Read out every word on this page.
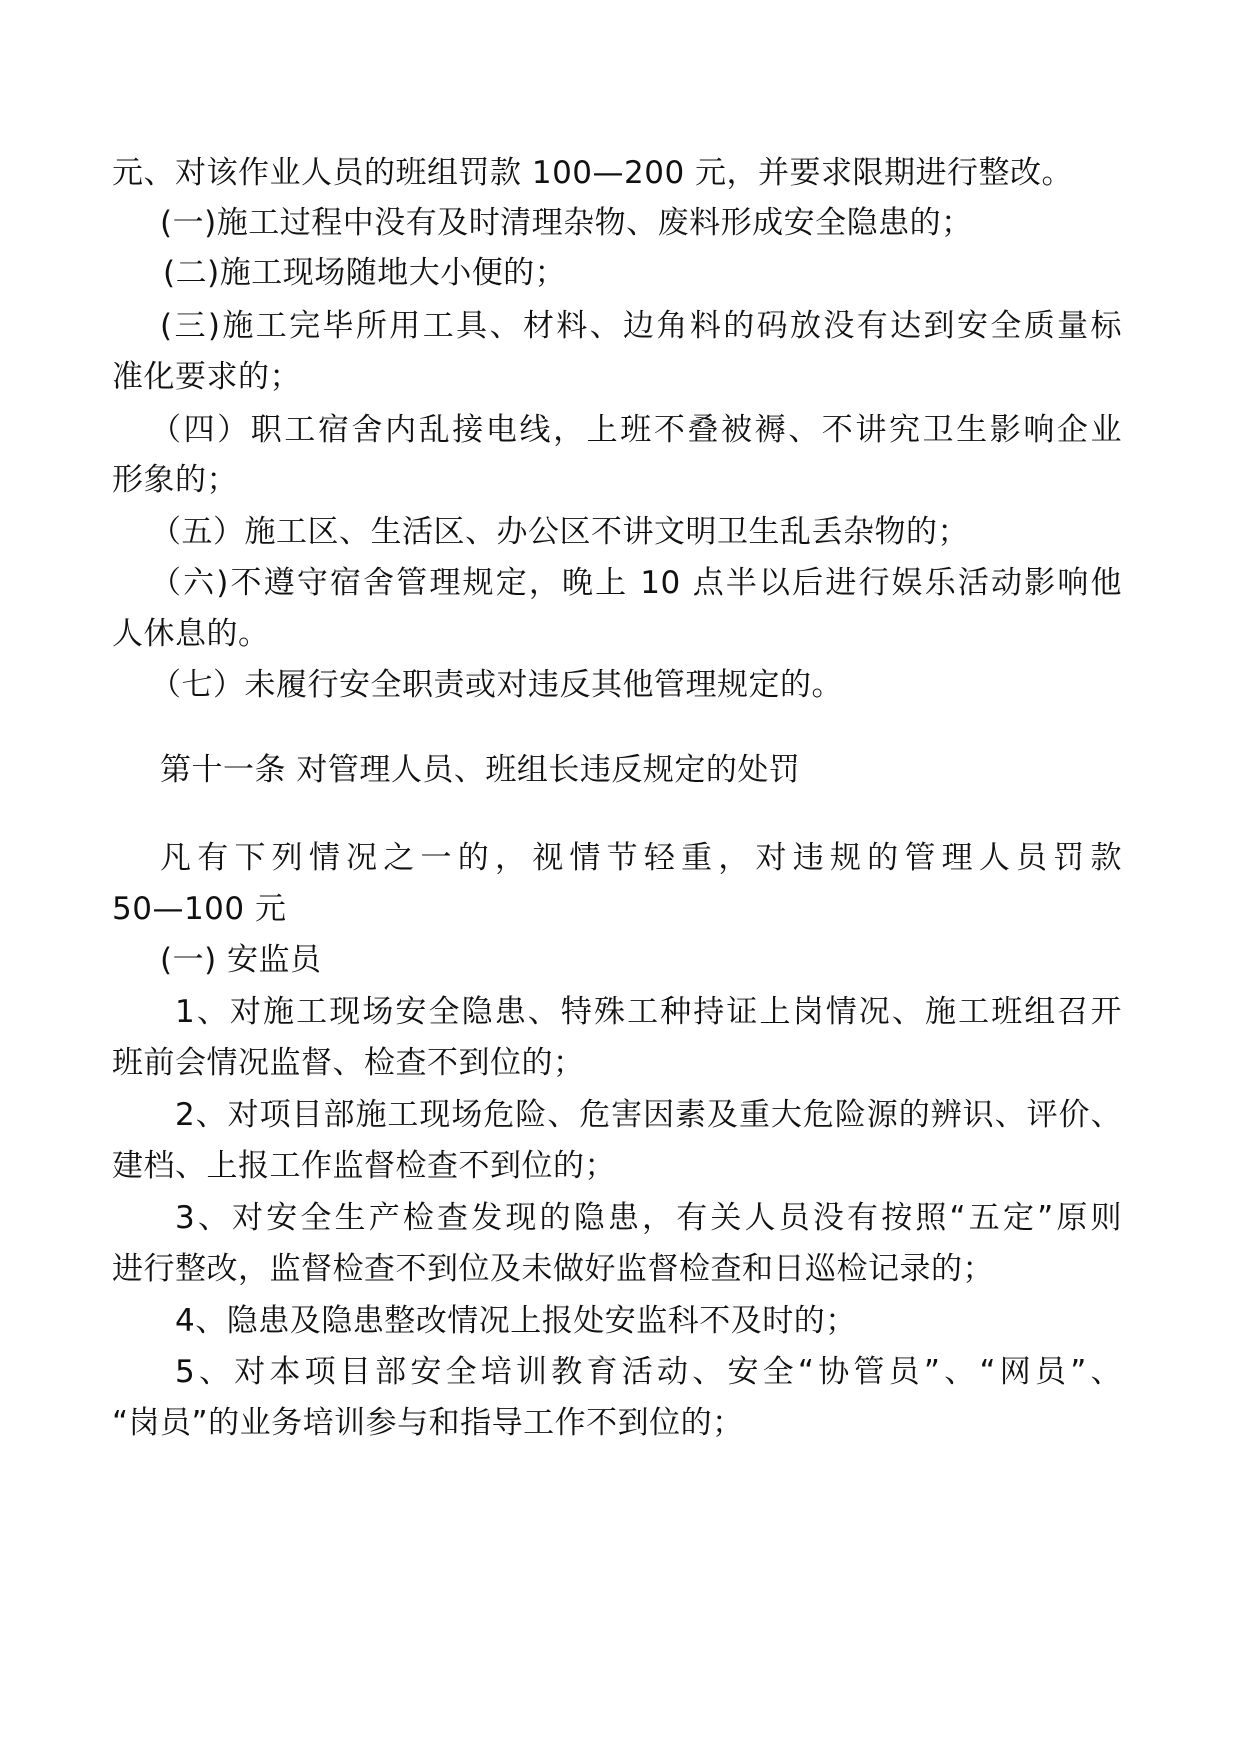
元、对该作业人员的班组罚款 100—200 元，并要求限期进行整改。
(一)施工过程中没有及时清理杂物、废料形成安全隐患的；
(二)施工现场随地大小便的；
(三)施工完毕所用工具、材料、边角料的码放没有达到安全质量标
准化要求的；
（四）职工宿舍内乱接电线，上班不叠被褥、不讲究卫生影响企业
形象的；
（五）施工区、生活区、办公区不讲文明卫生乱丢杂物的；
（六)不遵守宿舍管理规定，晚上 10 点半以后进行娱乐活动影响他
人休息的。
（七）未履行安全职责或对违反其他管理规定的。
第十一条 对管理人员、班组长违反规定的处罚
凡有下列情况之一的，视情节轻重，对违规的管理人员罚款
50—100 元
(一) 安监员
1、对施工现场安全隐患、特殊工种持证上岗情况、施工班组召开
班前会情况监督、检查不到位的；
2、对项目部施工现场危险、危害因素及重大危险源的辨识、评价、
建档、上报工作监督检查不到位的；
3、对安全生产检查发现的隐患，有关人员没有按照“五定”原则
进行整改，监督检查不到位及未做好监督检查和日巡检记录的；
4、隐患及隐患整改情况上报处安监科不及时的；
5、对本项目部安全培训教育活动、安全“协管员”、“网员”、
“岗员”的业务培训参与和指导工作不到位的；
